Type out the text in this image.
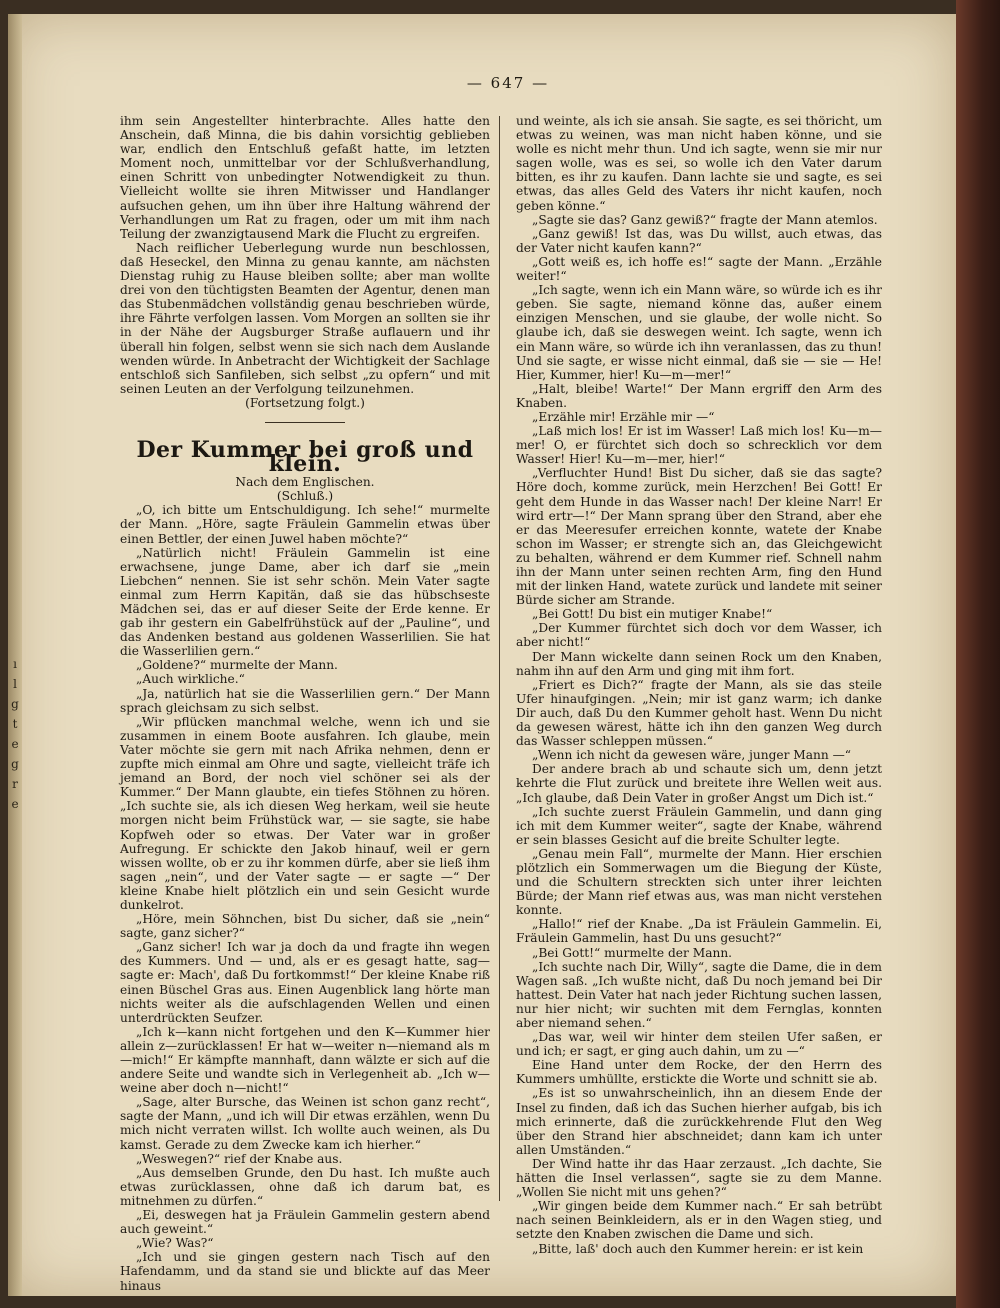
ı
l
g
t
e
g
r
e
— 647 —

ihm sein Angestellter hinterbrachte. Alles hatte den Anschein, daß Minna, die bis dahin vorsichtig geblieben war, endlich den Entschluß gefaßt hatte, im letzten Moment noch, unmittelbar vor der Schlußverhandlung, einen Schritt von unbedingter Notwendigkeit zu thun. Vielleicht wollte sie ihren Mitwisser und Handlanger aufsuchen gehen, um ihn über ihre Haltung während der Verhandlungen um Rat zu fragen, oder um mit ihm nach Teilung der zwanzigtausend Mark die Flucht zu ergreifen.

Nach reiflicher Ueberlegung wurde nun beschlossen, daß Heseckel, den Minna zu genau kannte, am nächsten Dienstag ruhig zu Hause bleiben sollte; aber man wollte drei von den tüchtigsten Beamten der Agentur, denen man das Stubenmädchen vollständig genau beschrieben würde, ihre Fährte verfolgen lassen. Vom Morgen an sollten sie ihr in der Nähe der Augsburger Straße auflauern und ihr überall hin folgen, selbst wenn sie sich nach dem Auslande wenden würde. In Anbetracht der Wichtigkeit der Sachlage entschloß sich Sanfileben, sich selbst „zu opfern“ und mit seinen Leuten an der Verfolgung teilzunehmen.

(Fortsetzung folgt.)

Der Kummer bei groß und klein.

Nach dem Englischen.

(Schluß.)

„O, ich bitte um Entschuldigung. Ich sehe!“ murmelte der Mann. „Höre, sagte Fräulein Gammelin etwas über einen Bettler, der einen Juwel haben möchte?“

„Natürlich nicht! Fräulein Gammelin ist eine erwachsene, junge Dame, aber ich darf sie „mein Liebchen“ nennen. Sie ist sehr schön. Mein Vater sagte einmal zum Herrn Kapitän, daß sie das hübschseste Mädchen sei, das er auf dieser Seite der Erde kenne. Er gab ihr gestern ein Gabelfrühstück auf der „Pauline“, und das Andenken bestand aus goldenen Wasserlilien. Sie hat die Wasserlilien gern.“

„Goldene?“ murmelte der Mann.

„Auch wirkliche.“

„Ja, natürlich hat sie die Wasserlilien gern.“ Der Mann sprach gleichsam zu sich selbst.

„Wir pflücken manchmal welche, wenn ich und sie zusammen in einem Boote ausfahren. Ich glaube, mein Vater möchte sie gern mit nach Afrika nehmen, denn er zupfte mich einmal am Ohre und sagte, vielleicht träfe ich jemand an Bord, der noch viel schöner sei als der Kummer.“ Der Mann glaubte, ein tiefes Stöhnen zu hören. „Ich suchte sie, als ich diesen Weg herkam, weil sie heute morgen nicht beim Frühstück war, — sie sagte, sie habe Kopfweh oder so etwas. Der Vater war in großer Aufregung. Er schickte den Jakob hinauf, weil er gern wissen wollte, ob er zu ihr kommen dürfe, aber sie ließ ihm sagen „nein“, und der Vater sagte — er sagte —“ Der kleine Knabe hielt plötzlich ein und sein Gesicht wurde dunkelrot.

„Höre, mein Söhnchen, bist Du sicher, daß sie „nein“ sagte, ganz sicher?“

„Ganz sicher! Ich war ja doch da und fragte ihn wegen des Kummers. Und — und, als er es gesagt hatte, sag—sagte er: Mach', daß Du fortkommst!“ Der kleine Knabe riß einen Büschel Gras aus. Einen Augenblick lang hörte man nichts weiter als die aufschlagenden Wellen und einen unterdrückten Seufzer.

„Ich k—kann nicht fortgehen und den K—Kummer hier allein z—zurücklassen! Er hat w—weiter n—niemand als m—mich!“ Er kämpfte mannhaft, dann wälzte er sich auf die andere Seite und wandte sich in Verlegenheit ab. „Ich w—weine aber doch n—nicht!“

„Sage, alter Bursche, das Weinen ist schon ganz recht“, sagte der Mann, „und ich will Dir etwas erzählen, wenn Du mich nicht verraten willst. Ich wollte auch weinen, als Du kamst. Gerade zu dem Zwecke kam ich hierher.“

„Weswegen?“ rief der Knabe aus.

„Aus demselben Grunde, den Du hast. Ich mußte auch etwas zurücklassen, ohne daß ich darum bat, es mitnehmen zu dürfen.“

„Ei, deswegen hat ja Fräulein Gammelin gestern abend auch geweint.“

„Wie? Was?“

„Ich und sie gingen gestern nach Tisch auf den Hafendamm, und da stand sie und blickte auf das Meer hinaus

und weinte, als ich sie ansah. Sie sagte, es sei thöricht, um etwas zu weinen, was man nicht haben könne, und sie wolle es nicht mehr thun. Und ich sagte, wenn sie mir nur sagen wolle, was es sei, so wolle ich den Vater darum bitten, es ihr zu kaufen. Dann lachte sie und sagte, es sei etwas, das alles Geld des Vaters ihr nicht kaufen, noch geben könne.“

„Sagte sie das? Ganz gewiß?“ fragte der Mann atemlos.

„Ganz gewiß! Ist das, was Du willst, auch etwas, das der Vater nicht kaufen kann?“

„Gott weiß es, ich hoffe es!“ sagte der Mann. „Erzähle weiter!“

„Ich sagte, wenn ich ein Mann wäre, so würde ich es ihr geben. Sie sagte, niemand könne das, außer einem einzigen Menschen, und sie glaube, der wolle nicht. So glaube ich, daß sie deswegen weint. Ich sagte, wenn ich ein Mann wäre, so würde ich ihn veranlassen, das zu thun! Und sie sagte, er wisse nicht einmal, daß sie — sie — He! Hier, Kummer, hier! Ku—m—mer!“

„Halt, bleibe! Warte!“ Der Mann ergriff den Arm des Knaben.

„Erzähle mir! Erzähle mir —“

„Laß mich los! Er ist im Wasser! Laß mich los! Ku—m—mer! O, er fürchtet sich doch so schrecklich vor dem Wasser! Hier! Ku—m—mer, hier!“

„Verfluchter Hund! Bist Du sicher, daß sie das sagte? Höre doch, komme zurück, mein Herzchen! Bei Gott! Er geht dem Hunde in das Wasser nach! Der kleine Narr! Er wird ertr—!“ Der Mann sprang über den Strand, aber ehe er das Meeresufer erreichen konnte, watete der Knabe schon im Wasser; er strengte sich an, das Gleichgewicht zu behalten, während er dem Kummer rief. Schnell nahm ihn der Mann unter seinen rechten Arm, fing den Hund mit der linken Hand, watete zurück und landete mit seiner Bürde sicher am Strande.

„Bei Gott! Du bist ein mutiger Knabe!“

„Der Kummer fürchtet sich doch vor dem Wasser, ich aber nicht!“

Der Mann wickelte dann seinen Rock um den Knaben, nahm ihn auf den Arm und ging mit ihm fort.

„Friert es Dich?“ fragte der Mann, als sie das steile Ufer hinaufgingen. „Nein; mir ist ganz warm; ich danke Dir auch, daß Du den Kummer geholt hast. Wenn Du nicht da gewesen wärest, hätte ich ihn den ganzen Weg durch das Wasser schleppen müssen.“

„Wenn ich nicht da gewesen wäre, junger Mann —“

Der andere brach ab und schaute sich um, denn jetzt kehrte die Flut zurück und breitete ihre Wellen weit aus. „Ich glaube, daß Dein Vater in großer Angst um Dich ist.“

„Ich suchte zuerst Fräulein Gammelin, und dann ging ich mit dem Kummer weiter“, sagte der Knabe, während er sein blasses Gesicht auf die breite Schulter legte.

„Genau mein Fall“, murmelte der Mann. Hier erschien plötzlich ein Sommerwagen um die Biegung der Küste, und die Schultern streckten sich unter ihrer leichten Bürde; der Mann rief etwas aus, was man nicht verstehen konnte.

„Hallo!“ rief der Knabe. „Da ist Fräulein Gammelin. Ei, Fräulein Gammelin, hast Du uns gesucht?“

„Bei Gott!“ murmelte der Mann.

„Ich suchte nach Dir, Willy“, sagte die Dame, die in dem Wagen saß. „Ich wußte nicht, daß Du noch jemand bei Dir hattest. Dein Vater hat nach jeder Richtung suchen lassen, nur hier nicht; wir suchten mit dem Fernglas, konnten aber niemand sehen.“

„Das war, weil wir hinter dem steilen Ufer saßen, er und ich; er sagt, er ging auch dahin, um zu —“

Eine Hand unter dem Rocke, der den Herrn des Kummers umhüllte, erstickte die Worte und schnitt sie ab.

„Es ist so unwahrscheinlich, ihn an diesem Ende der Insel zu finden, daß ich das Suchen hierher aufgab, bis ich mich erinnerte, daß die zurückkehrende Flut den Weg über den Strand hier abschneidet; dann kam ich unter allen Umständen.“

Der Wind hatte ihr das Haar zerzaust. „Ich dachte, Sie hätten die Insel verlassen“, sagte sie zu dem Manne. „Wollen Sie nicht mit uns gehen?“

„Wir gingen beide dem Kummer nach.“ Er sah betrübt nach seinen Beinkleidern, als er in den Wagen stieg, und setzte den Knaben zwischen die Dame und sich.

„Bitte, laß' doch auch den Kummer herein: er ist kein
